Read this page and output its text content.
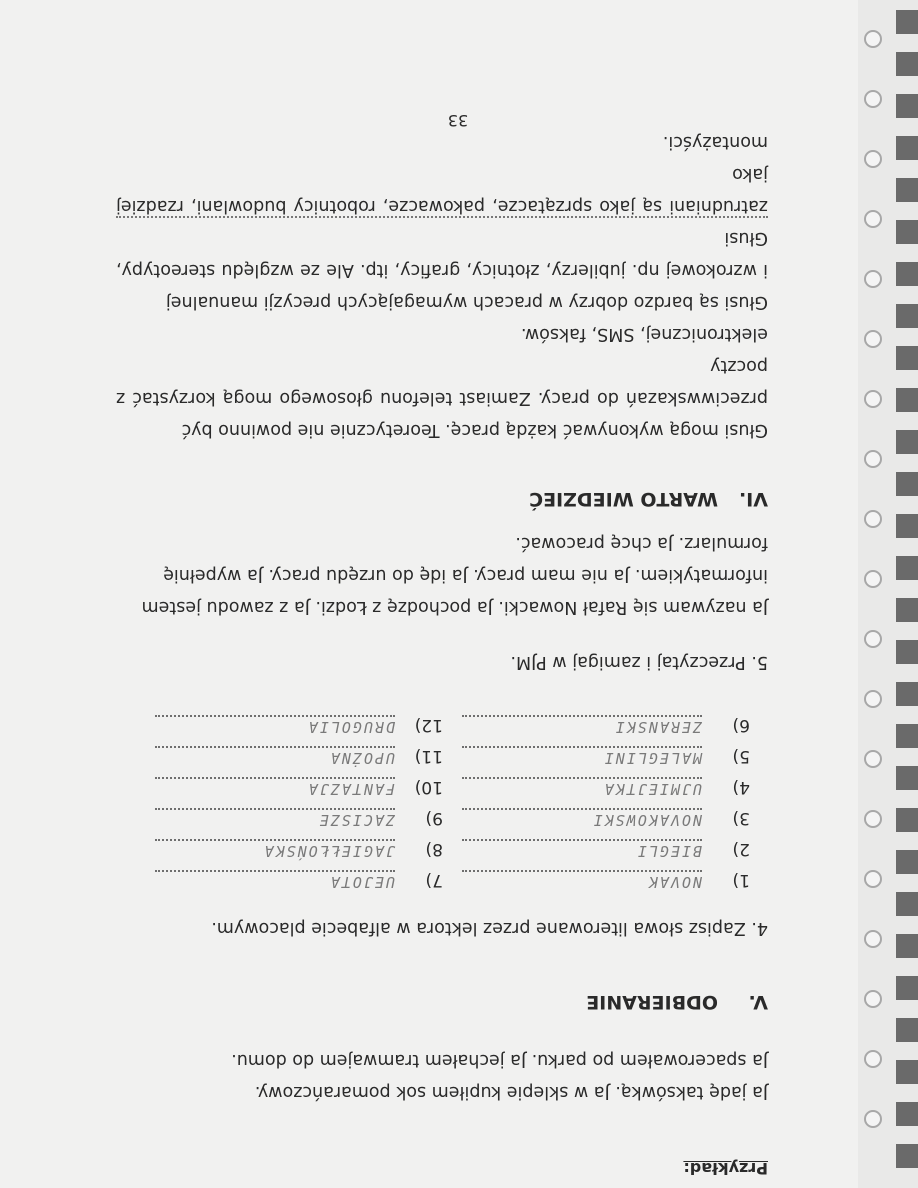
Przykład:

Ja jadę taksówką. Ja w sklepie kupiłem sok pomarańczowy.

Ja spacerowałem po parku. Ja jechałem tramwajem do domu.

V.ODBIERANIE

4. Zapisz słowa literowane przez lektora w alfabecie placowym.

1)NOVAK
2)BIEGLI
3)NOVAKOWSKI
4)UJMIEJTKA
5)MALEGLINI
6)ZERANSKI
7)UEJOTA
8)JAGIEŁŁOŃSKA
9)ZACISZE
10)FANTAZJA
11)UPOŻNA
12)DRUGOLIA

5. Przeczytaj i zamigaj w PJM.

Ja nazywam się Rafał Nowacki. Ja pochodzę z Łodzi. Ja z zawodu jestem

informatykiem. Ja nie mam pracy. Ja idę do urzędu pracy. Ja wypełnię

formularz. Ja chcę pracować.

VI.WARTO WIEDZIEĆ

Głusi mogą wykonywać każdą pracę. Teoretycznie nie powinno być

przeciwwskazań do pracy. Zamiast telefonu głosowego mogą korzystać z poczty

elektronicznej, SMS, faksów.

Głusi są bardzo dobrzy w pracach wymagających precyzji manualnej

i wzrokowej np. jubilerzy, złotnicy, graficy, itp. Ale ze względu stereotypy, Głusi

zatrudniani są jako sprzątacze, pakowacze, robotnicy budowlani, rzadziej jako

montażyści.

33
